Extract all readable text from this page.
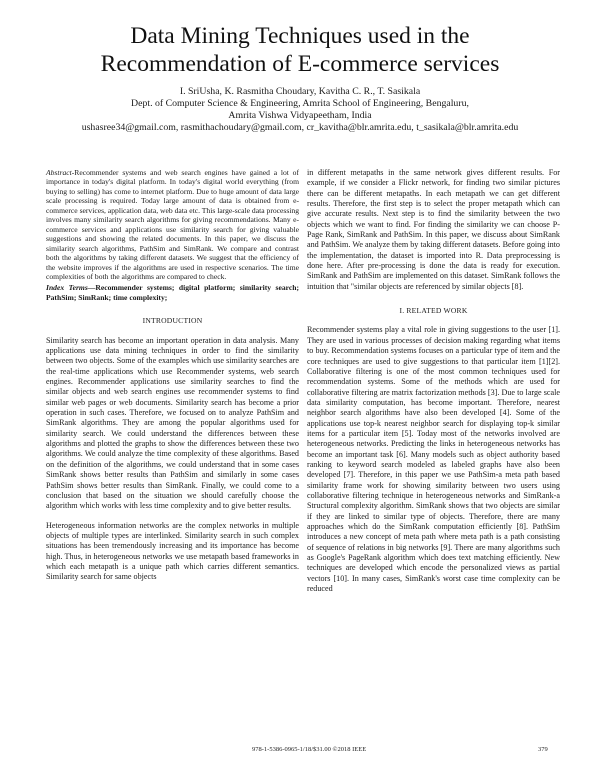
Data Mining Techniques used in the
Recommendation of E-commerce services
I. SriUsha, K. Rasmitha Choudary, Kavitha C. R., T. Sasikala
Dept. of Computer Science & Engineering, Amrita School of Engineering, Bengaluru,
Amrita Vishwa Vidyapeetham, India
ushasree34@gmail.com, rasmithachoudary@gmail.com, cr_kavitha@blr.amrita.edu, t_sasikala@blr.amrita.edu

Abstract-Recommender systems and web search engines have gained a lot of importance in today's digital platform. In today's digital world everything (from buying to selling) has come to internet platform. Due to huge amount of data large scale processing is required. Today large amount of data is obtained from e-commerce services, application data, web data etc. This large-scale data processing involves many similarity search algorithms for giving recommendations. Many e-commerce services and applications use similarity search for giving valuable suggestions and showing the related documents. In this paper, we discuss the similarity search algorithms, PathSim and SimRank. We compare and contrast both the algorithms by taking different datasets. We suggest that the efficiency of the website improves if the algorithms are used in respective scenarios. The time complexities of both the algorithms are compared to check.

Index Terms—Recommender systems; digital platform; similarity search; PathSim; SimRank; time complexity;

INTRODUCTION

Similarity search has become an important operation in data analysis. Many applications use data mining techniques in order to find the similarity between two objects. Some of the examples which use similarity searches are the real-time applications which use Recommender systems, web search engines. Recommender applications use similarity searches to find the similar objects and web search engines use recommender systems to find similar web pages or web documents. Similarity search has become a prior operation in such cases. Therefore, we focused on to analyze PathSim and SimRank algorithms. They are among the popular algorithms used for similarity search. We could understand the differences between these algorithms and plotted the graphs to show the differences between these two algorithms. We could analyze the time complexity of these algorithms. Based on the definition of the algorithms, we could understand that in some cases SimRank shows better results than PathSim and similarly in some cases PathSim shows better results than SimRank. Finally, we could come to a conclusion that based on the situation we should carefully choose the algorithm which works with less time complexity and to give better results.

Heterogeneous information networks are the complex networks in multiple objects of multiple types are interlinked. Similarity search in such complex situations has been tremendously increasing and its importance has become high. Thus, in heterogeneous networks we use metapath based frameworks in which each metapath is a unique path which carries different semantics. Similarity search for same objects

in different metapaths in the same network gives different results. For example, if we consider a Flickr network, for finding two similar pictures there can be different metapaths. In each metapath we can get different results. Therefore, the first step is to select the proper metapath which can give accurate results. Next step is to find the similarity between the two objects which we want to find. For finding the similarity we can choose P-Page Rank, SimRank and PathSim. In this paper, we discuss about SimRank and PathSim. We analyze them by taking different datasets. Before going into the implementation, the dataset is imported into R. Data preprocessing is done here. After pre-processing is done the data is ready for execution. SimRank and PathSim are implemented on this dataset. SimRank follows the intuition that "similar objects are referenced by similar objects [8].

I. RELATED WORK

Recommender systems play a vital role in giving suggestions to the user [1]. They are used in various processes of decision making regarding what items to buy. Recommendation systems focuses on a particular type of item and the core techniques are used to give suggestions to that particular item [1][2]. Collaborative filtering is one of the most common techniques used for recommendation systems. Some of the methods which are used for collaborative filtering are matrix factorization methods [3]. Due to large scale data similarity computation, has become important. Therefore, nearest neighbor search algorithms have also been developed [4]. Some of the applications use top-k nearest neighbor search for displaying top-k similar items for a particular item [5]. Today most of the networks involved are heterogeneous networks. Predicting the links in heterogeneous networks has become an important task [6]. Many models such as object authority based ranking to keyword search modeled as labeled graphs have also been developed [7]. Therefore, in this paper we use PathSim-a meta path based similarity frame work for showing similarity between two users using collaborative filtering technique in heterogeneous networks and SimRank-a Structural complexity algorithm. SimRank shows that two objects are similar if they are linked to similar type of objects. Therefore, there are many approaches which do the SimRank computation efficiently [8]. PathSim introduces a new concept of meta path where meta path is a path consisting of sequence of relations in big networks [9]. There are many algorithms such as Google's PageRank algorithm which does text matching efficiently. New techniques are developed which encode the personalized views as partial vectors [10]. In many cases, SimRank's worst case time complexity can be reduced

978-1-5386-0965-1/18/$31.00 ©2018 IEEE	379
